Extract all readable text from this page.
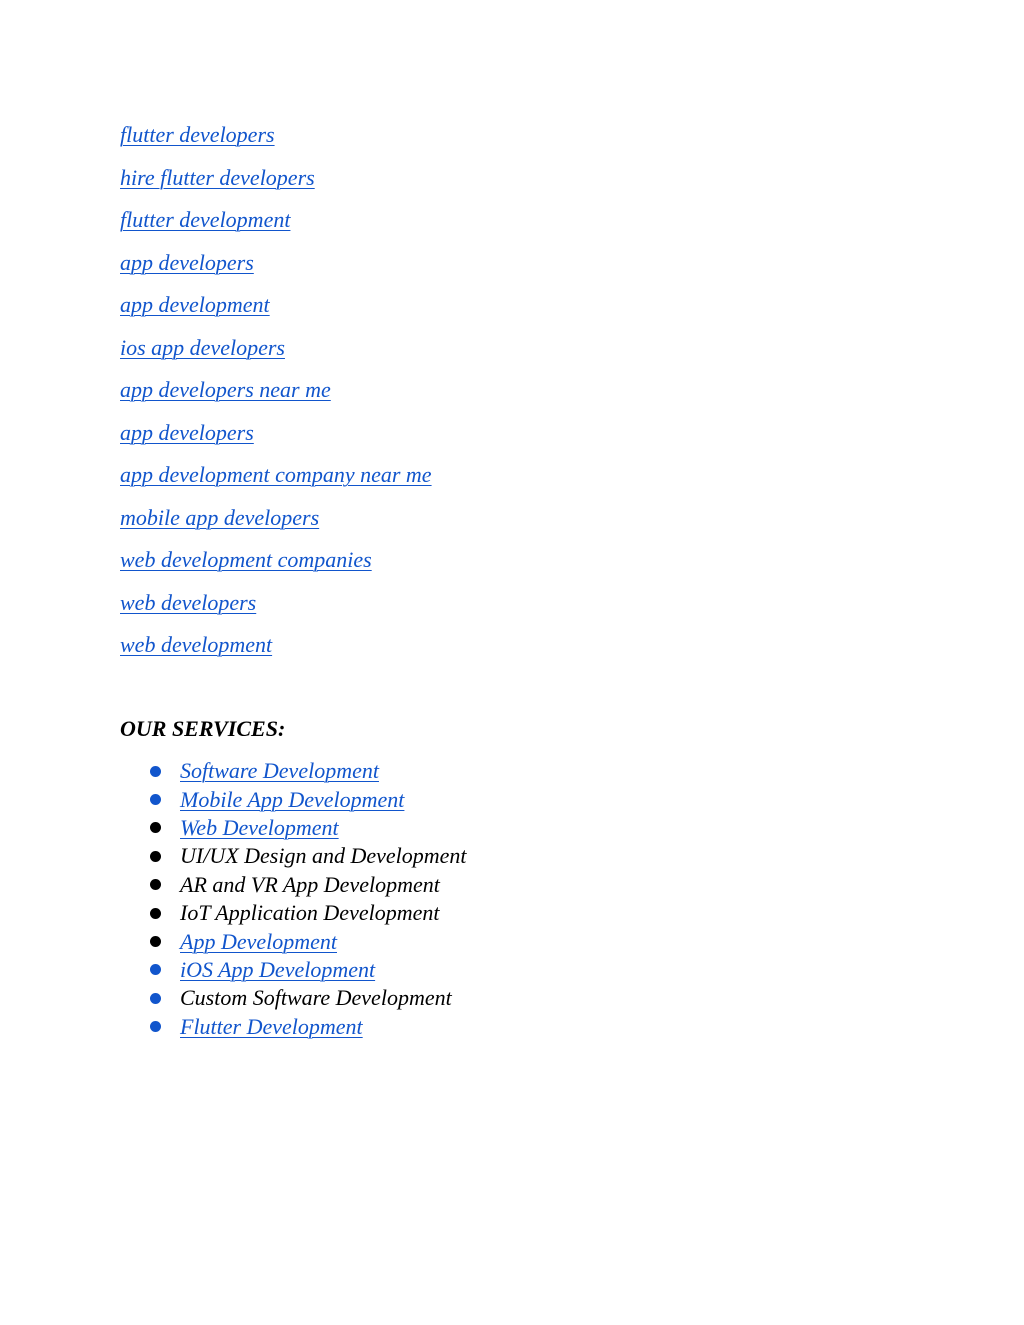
flutter developers
hire flutter developers
flutter development
app developers
app development
ios app developers
app developers near me
app developers
app development company near me
mobile app developers
web development companies
web developers
web development
OUR SERVICES:
Software Development
Mobile App Development
Web Development
UI/UX Design and Development
AR and VR App Development
IoT Application Development
App Development
iOS App Development
Custom Software Development
Flutter Development
